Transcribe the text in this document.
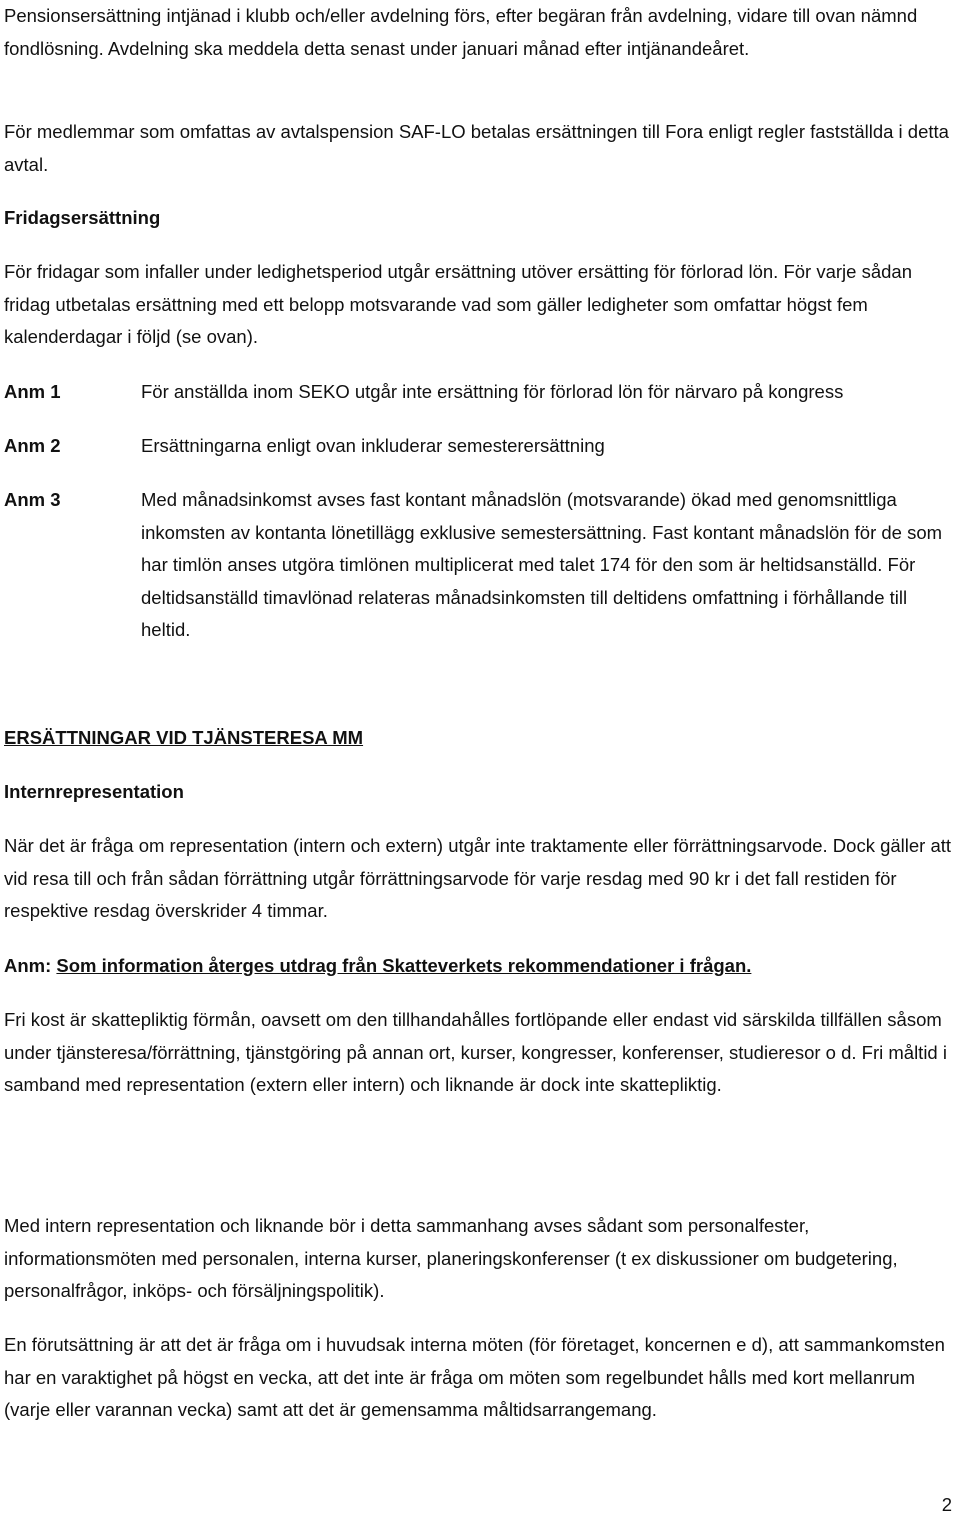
Pensionsersättning intjänad i klubb och/eller avdelning förs, efter begäran från avdelning, vidare till ovan nämnd fondlösning. Avdelning ska meddela detta senast under januari månad efter intjänandeåret.

För medlemmar som omfattas av avtalspension SAF-LO betalas ersättningen till Fora enligt regler fastställda i detta avtal.

Fridagsersättning

För fridagar som infaller under ledighetsperiod utgår ersättning utöver ersätting för förlorad lön. För varje sådan fridag utbetalas ersättning med ett belopp motsvarande vad som gäller ledigheter som omfattar högst fem kalenderdagar i följd (se ovan).

Anm 1	För anställda inom SEKO utgår inte ersättning för förlorad lön för närvaro på kongress
Anm 2	Ersättningarna enligt ovan inkluderar semesterersättning
Anm 3	Med månadsinkomst avses fast kontant månadslön (motsvarande) ökad med genomsnittliga inkomsten av kontanta lönetillägg exklusive semestersättning. Fast kontant månadslön för de som har timlön anses utgöra timlönen multiplicerat med talet 174 för den som är heltidsanställd. För deltidsanställd timavlönad relateras månadsinkomsten till deltidens omfattning i förhållande till heltid.

ERSÄTTNINGAR VID TJÄNSTERESA MM

Internrepresentation

När det är fråga om representation (intern och extern) utgår inte traktamente eller förrättningsarvode. Dock gäller att vid resa till och från sådan förrättning utgår förrättningsarvode för varje resdag med 90 kr i det fall restiden för respektive resdag överskrider 4 timmar.

Anm: Som information återges utdrag från Skatteverkets rekommendationer i frågan.

Fri kost är skattepliktig förmån, oavsett om den tillhandahålles fortlöpande eller endast vid särskilda tillfällen såsom under tjänsteresa/förrättning, tjänstgöring på annan ort, kurser, kongresser, konferenser, studieresor o d. Fri måltid i samband med representation (extern eller intern) och liknande är dock inte skattepliktig.

Med intern representation och liknande bör i detta sammanhang avses sådant som personalfester, informationsmöten med personalen, interna kurser, planeringskonferenser (t ex diskussioner om budgetering, personalfrågor, inköps- och försäljningspolitik).

En förutsättning är att det är fråga om i huvudsak interna möten (för företaget, koncernen e d), att sammankomsten har en varaktighet på högst en vecka, att det inte är fråga om möten som regelbundet hålls med kort mellanrum (varje eller varannan vecka) samt att det är gemensamma måltidsarrangemang.

2
